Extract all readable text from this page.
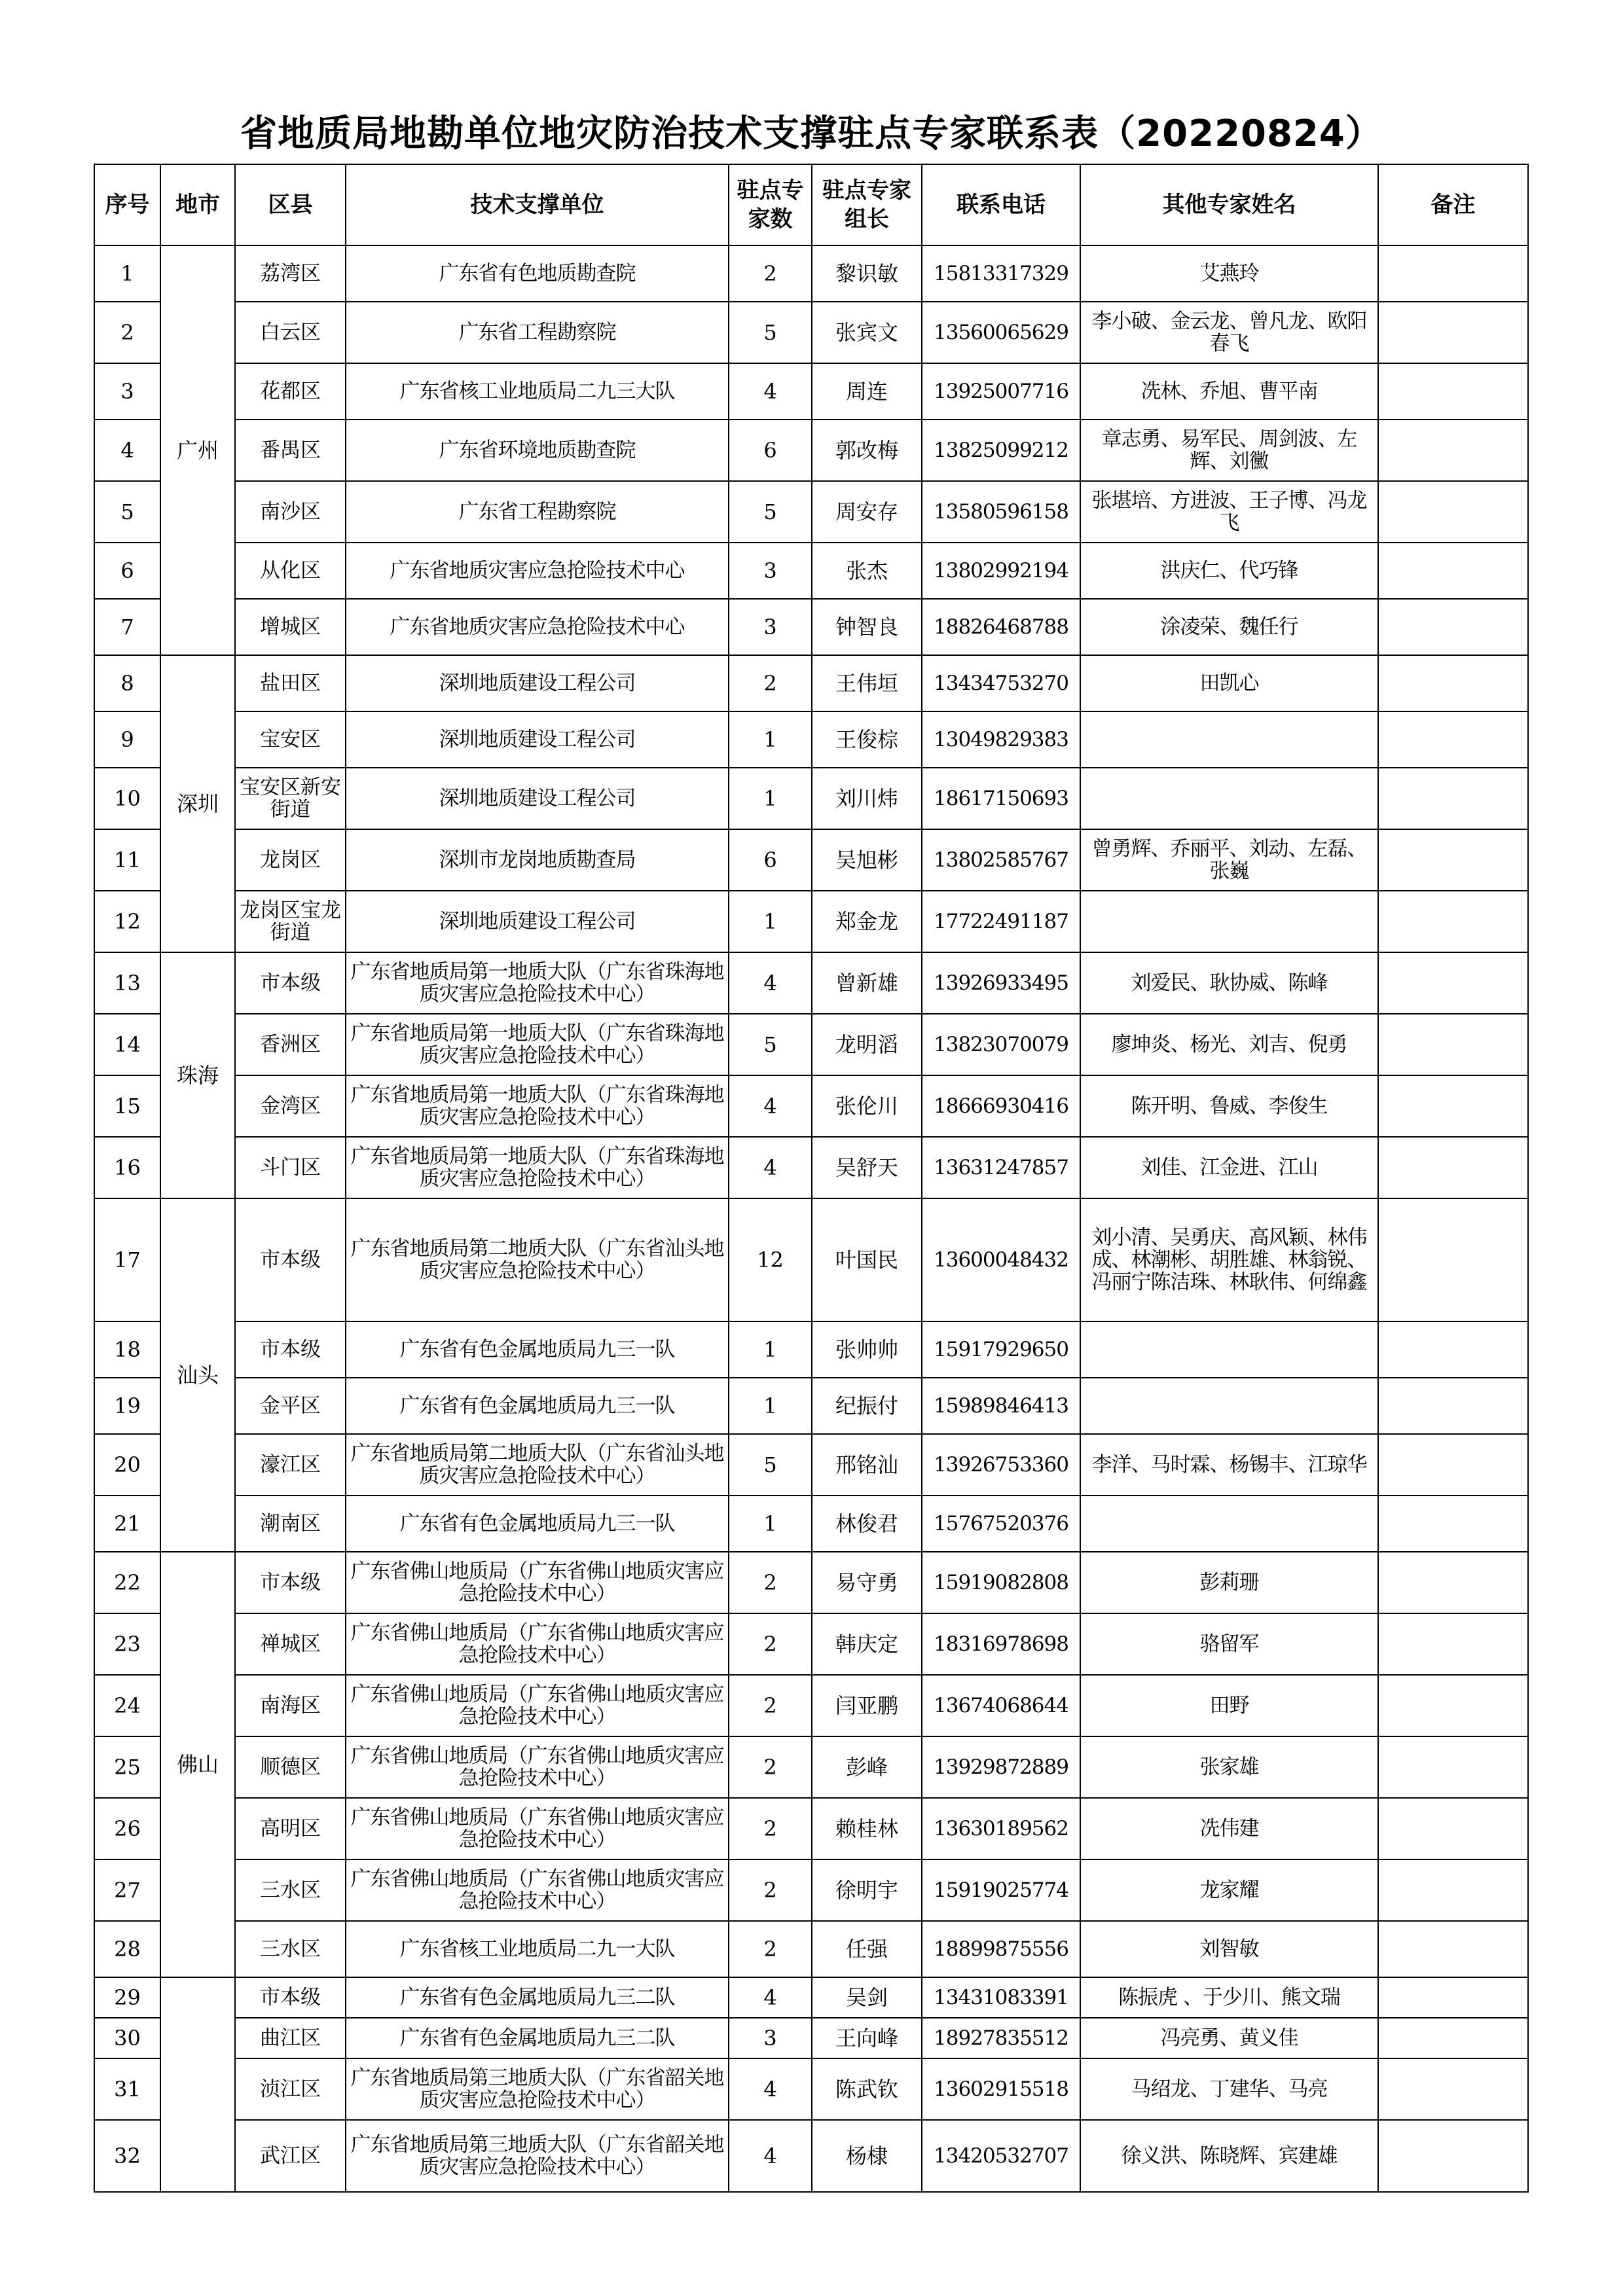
省地质局地勘单位地灾防治技术支撑驻点专家联系表（20220824）
序号	地市	区县	技术支撑单位	驻点专家数	驻点专家组长	联系电话	其他专家姓名	备注
1	广州	荔湾区	广东省有色地质勘查院	2	黎识敏	15813317329	艾燕玲	
2		白云区	广东省工程勘察院	5	张宾文	13560065629	李小破、金云龙、曾凡龙、欧阳春飞	
3		花都区	广东省核工业地质局二九三大队	4	周连	13925007716	冼林、乔旭、曹平南	
4		番禺区	广东省环境地质勘查院	6	郭改梅	13825099212	章志勇、易军民、周剑波、左辉、刘黴	
5		南沙区	广东省工程勘察院	5	周安存	13580596158	张堪培、方进波、王子博、冯龙飞	
6		从化区	广东省地质灾害应急抢险技术中心	3	张杰	13802992194	洪庆仁、代巧锋	
7		增城区	广东省地质灾害应急抢险技术中心	3	钟智良	18826468788	涂凌荣、魏任行	
8	深圳	盐田区	深圳地质建设工程公司	2	王伟垣	13434753270	田凯心	
9		宝安区	深圳地质建设工程公司	1	王俊棕	13049829383		
10		宝安区新安街道	深圳地质建设工程公司	1	刘川炜	18617150693		
11		龙岗区	深圳市龙岗地质勘查局	6	吴旭彬	13802585767	曾勇辉、乔丽平、刘动、左磊、张巍	
12		龙岗区宝龙街道	深圳地质建设工程公司	1	郑金龙	17722491187		
13	珠海	市本级	广东省地质局第一地质大队（广东省珠海地质灾害应急抢险技术中心）	4	曾新雄	13926933495	刘爱民、耿协威、陈峰	
14		香洲区	广东省地质局第一地质大队（广东省珠海地质灾害应急抢险技术中心）	5	龙明滔	13823070079	廖坤炎、杨光、刘吉、倪勇	
15		金湾区	广东省地质局第一地质大队（广东省珠海地质灾害应急抢险技术中心）	4	张伦川	18666930416	陈开明、鲁威、李俊生	
16		斗门区	广东省地质局第一地质大队（广东省珠海地质灾害应急抢险技术中心）	4	吴舒天	13631247857	刘佳、江金进、江山	
17	汕头	市本级	广东省地质局第二地质大队（广东省汕头地质灾害应急抢险技术中心）	12	叶国民	13600048432	刘小清、吴勇庆、高风颖、林伟成、林潮彬、胡胜雄、林翁锐、冯丽宁陈洁珠、林耿伟、何绵鑫	
18		市本级	广东省有色金属地质局九三一队	1	张帅帅	15917929650		
19		金平区	广东省有色金属地质局九三一队	1	纪振付	15989846413		
20		濠江区	广东省地质局第二地质大队（广东省汕头地质灾害应急抢险技术中心）	5	邢铭汕	13926753360	李洋、马时霖、杨锡丰、江琼华	
21		潮南区	广东省有色金属地质局九三一队	1	林俊君	15767520376		
22	佛山	市本级	广东省佛山地质局（广东省佛山地质灾害应急抢险技术中心）	2	易守勇	15919082808	彭莉珊	
23		禅城区	广东省佛山地质局（广东省佛山地质灾害应急抢险技术中心）	2	韩庆定	18316978698	骆留军	
24		南海区	广东省佛山地质局（广东省佛山地质灾害应急抢险技术中心）	2	闫亚鹏	13674068644	田野	
25		顺德区	广东省佛山地质局（广东省佛山地质灾害应急抢险技术中心）	2	彭峰	13929872889	张家雄	
26		高明区	广东省佛山地质局（广东省佛山地质灾害应急抢险技术中心）	2	赖桂林	13630189562	冼伟建	
27		三水区	广东省佛山地质局（广东省佛山地质灾害应急抢险技术中心）	2	徐明宇	15919025774	龙家耀	
28		三水区	广东省核工业地质局二九一大队	2	任强	18899875556	刘智敏	
29		市本级	广东省有色金属地质局九三二队	4	吴剑	13431083391	陈振虎 、于少川、熊文瑞	
30		曲江区	广东省有色金属地质局九三二队	3	王向峰	18927835512	冯亮勇、黄义佳	
31		浈江区	广东省地质局第三地质大队（广东省韶关地质灾害应急抢险技术中心）	4	陈武钦	13602915518	马绍龙、丁建华、马亮	
32		武江区	广东省地质局第三地质大队（广东省韶关地质灾害应急抢险技术中心）	4	杨棣	13420532707	徐义洪、陈晓辉、宾建雄	
